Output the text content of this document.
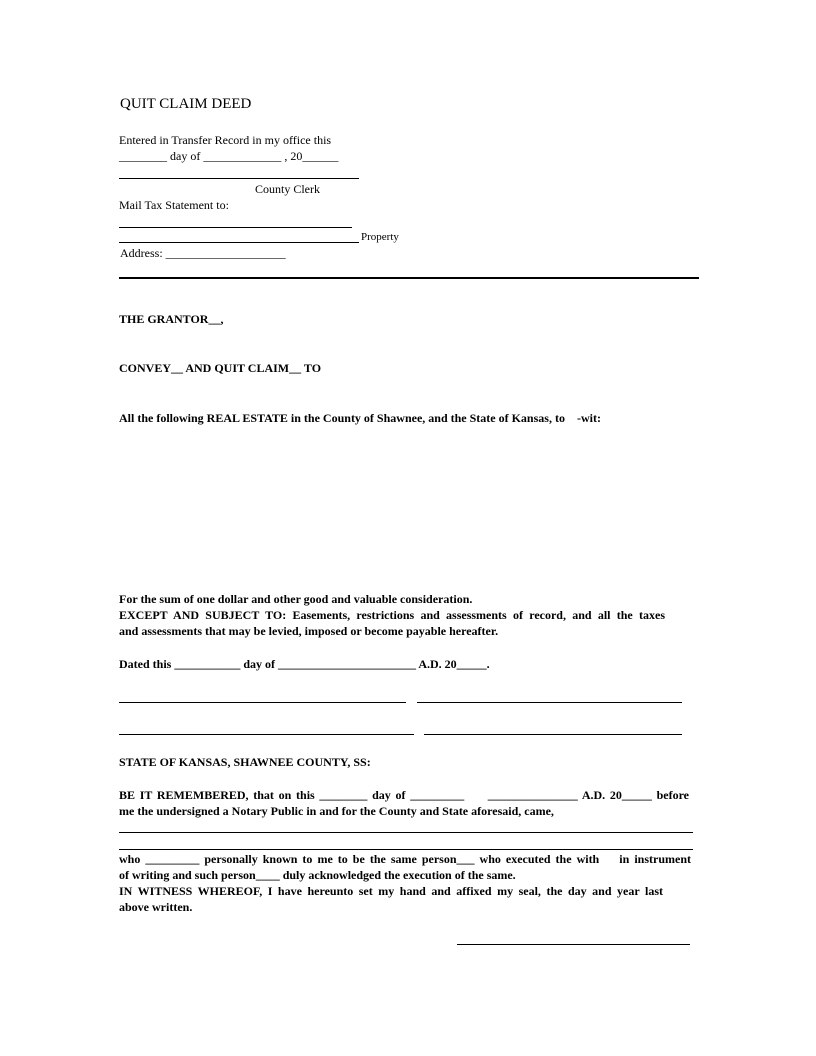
QUIT CLAIM DEED
Entered in Transfer Record in my office this
________ day of _____________ , 20______
County Clerk
Mail Tax Statement to:
Property
Address: ____________________
THE GRANTOR__,
CONVEY__ AND QUIT CLAIM__ TO
All the following REAL ESTATE in the County of Shawnee, and the State of Kansas, to    -wit:
For the sum of one dollar and other good and valuable consideration.
EXCEPT AND SUBJECT TO: Easements, restrictions and assessments of record, and all the taxes
and assessments that may be levied, imposed or become payable hereafter.
Dated this ___________ day of _______________________ A.D. 20_____.
STATE OF KANSAS, SHAWNEE COUNTY, SS:
BE IT REMEMBERED, that on this ________ day of _________     _______________ A.D. 20_____ before
me the undersigned a Notary Public in and for the County and State aforesaid, came,
who _________ personally known to me to be the same person___ who executed the with    in instrument
of writing and such person____ duly acknowledged the execution of the same.
IN WITNESS WHEREOF, I have hereunto set my hand and affixed my seal, the day and year last
above written.
